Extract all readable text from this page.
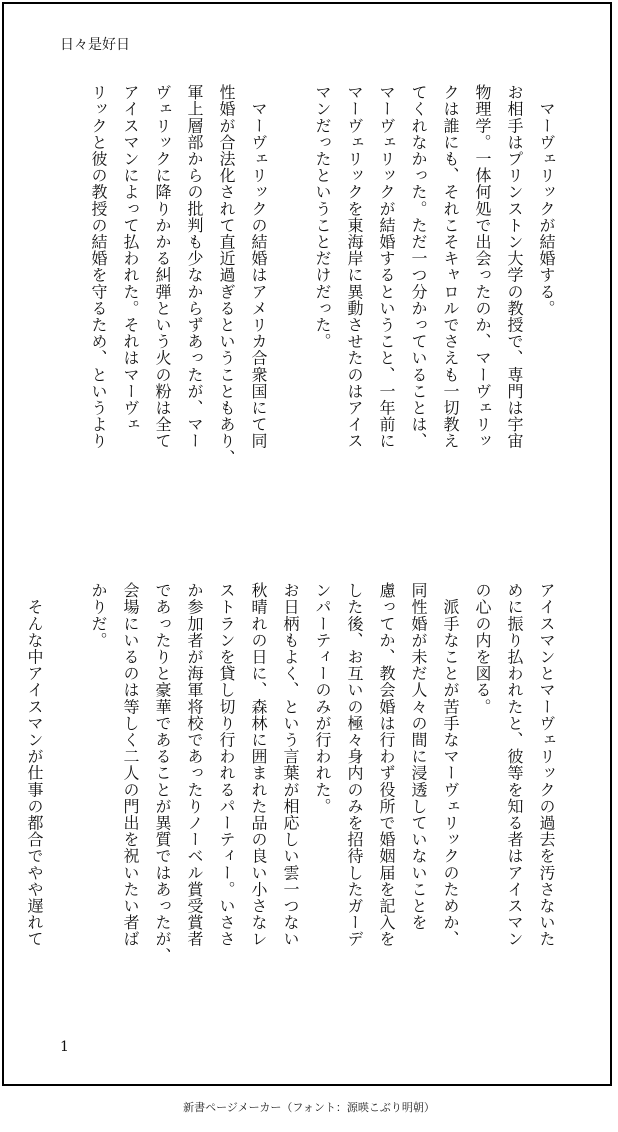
日々是好日
　マーヴェリックが結婚する。
お相手はプリンストン大学の教授で、専門は宇宙
物理学。一体何処で出会ったのか、マーヴェリッ
クは誰にも、それこそキャロルでさえも一切教え
てくれなかった。ただ一つ分かっていることは、
マーヴェリックが結婚するということ、一年前に
マーヴェリックを東海岸に異動させたのはアイス
マンだったということだけだった。

　マーヴェリックの結婚はアメリカ合衆国にて同
性婚が合法化されて直近過ぎるということもあり、
軍上層部からの批判も少なからずあったが、マー
ヴェリックに降りかかる糾弾という火の粉は全て
アイスマンによって払われた。それはマーヴェ
リックと彼の教授の結婚を守るため、というより
アイスマンとマーヴェリックの過去を汚さないた
めに振り払われたと、彼等を知る者はアイスマン
の心の内を図る。
　派手なことが苦手なマーヴェリックのためか、
同性婚が未だ人々の間に浸透していないことを
慮ってか、教会婚は行わず役所で婚姻届を記入を
した後、お互いの極々身内のみを招待したガーデ
ンパーティーのみが行われた。
お日柄もよく、という言葉が相応しい雲一つない
秋晴れの日に、森林に囲まれた品の良い小さなレ
ストランを貸し切り行われるパーティー。いささ
か参加者が海軍将校であったりノーベル賞受賞者
であったりと豪華であることが異質ではあったが、
会場にいるのは等しく二人の門出を祝いたい者ば
かりだ。

　そんな中アイスマンが仕事の都合でやや遅れて
1
新書ページメーカー（フォント：源暎こぶり明朝）
